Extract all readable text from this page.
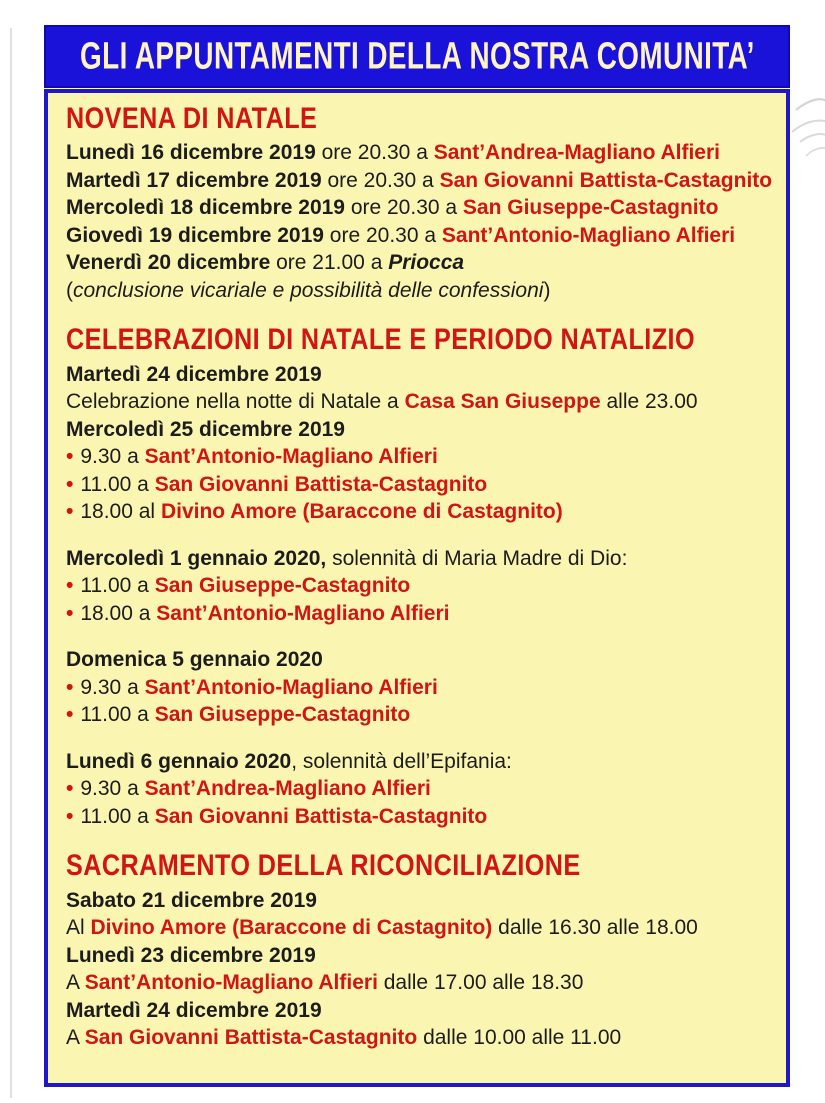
GLI APPUNTAMENTI DELLA NOSTRA COMUNITA’
NOVENA DI NATALE
Lunedì 16 dicembre 2019 ore 20.30 a Sant’Andrea-Magliano Alfieri
Martedì 17 dicembre 2019 ore 20.30 a San Giovanni Battista-Castagnito
Mercoledì 18 dicembre 2019 ore 20.30 a San Giuseppe-Castagnito
Giovedì 19 dicembre 2019 ore 20.30 a Sant’Antonio-Magliano Alfieri
Venerdì 20 dicembre ore 21.00 a Priocca
(conclusione vicariale e possibilità delle confessioni)
CELEBRAZIONI DI NATALE E PERIODO NATALIZIO
Martedì 24 dicembre 2019
Celebrazione nella notte di Natale a Casa San Giuseppe alle 23.00
Mercoledì 25 dicembre 2019
• 9.30 a Sant’Antonio-Magliano Alfieri
• 11.00 a San Giovanni Battista-Castagnito
• 18.00 al Divino Amore (Baraccone di Castagnito)
Mercoledì 1 gennaio 2020, solennità di Maria Madre di Dio:
• 11.00 a San Giuseppe-Castagnito
• 18.00 a Sant’Antonio-Magliano Alfieri
Domenica 5 gennaio 2020
• 9.30 a Sant’Antonio-Magliano Alfieri
• 11.00 a San Giuseppe-Castagnito
Lunedì 6 gennaio 2020, solennità dell’Epifania:
• 9.30 a Sant’Andrea-Magliano Alfieri
• 11.00 a San Giovanni Battista-Castagnito
SACRAMENTO DELLA RICONCILIAZIONE
Sabato 21 dicembre 2019
Al Divino Amore (Baraccone di Castagnito) dalle 16.30 alle 18.00
Lunedì 23 dicembre 2019
A Sant’Antonio-Magliano Alfieri dalle 17.00 alle 18.30
Martedì 24 dicembre 2019
A San Giovanni Battista-Castagnito dalle 10.00 alle 11.00
